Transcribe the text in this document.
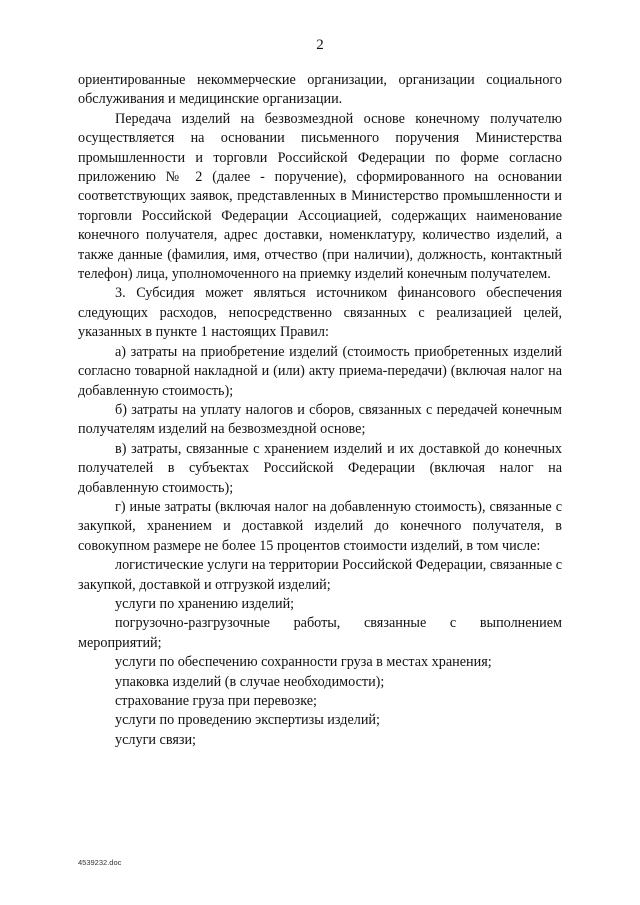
2

ориентированные некоммерческие организации, организации социального обслуживания и медицинские организации.

Передача изделий на безвозмездной основе конечному получателю осуществляется на основании письменного поручения Министерства промышленности и торговли Российской Федерации по форме согласно приложению № 2 (далее - поручение), сформированного на основании соответствующих заявок, представленных в Министерство промышленности и торговли Российской Федерации Ассоциацией, содержащих наименование конечного получателя, адрес доставки, номенклатуру, количество изделий, а также данные (фамилия, имя, отчество (при наличии), должность, контактный телефон) лица, уполномоченного на приемку изделий конечным получателем.

3. Субсидия может являться источником финансового обеспечения следующих расходов, непосредственно связанных с реализацией целей, указанных в пункте 1 настоящих Правил:

а) затраты на приобретение изделий (стоимость приобретенных изделий согласно товарной накладной и (или) акту приема-передачи) (включая налог на добавленную стоимость);

б) затраты на уплату налогов и сборов, связанных с передачей конечным получателям изделий на безвозмездной основе;

в) затраты, связанные с хранением изделий и их доставкой до конечных получателей в субъектах Российской Федерации (включая налог на добавленную стоимость);

г) иные затраты (включая налог на добавленную стоимость), связанные с закупкой, хранением и доставкой изделий до конечного получателя, в совокупном размере не более 15 процентов стоимости изделий, в том числе:

логистические услуги на территории Российской Федерации, связанные с закупкой, доставкой и отгрузкой изделий;

услуги по хранению изделий;

погрузочно-разгрузочные работы, связанные с выполнением мероприятий;

услуги по обеспечению сохранности груза в местах хранения;

упаковка изделий (в случае необходимости);

страхование груза при перевозке;

услуги по проведению экспертизы изделий;

услуги связи;

4539232.doc
